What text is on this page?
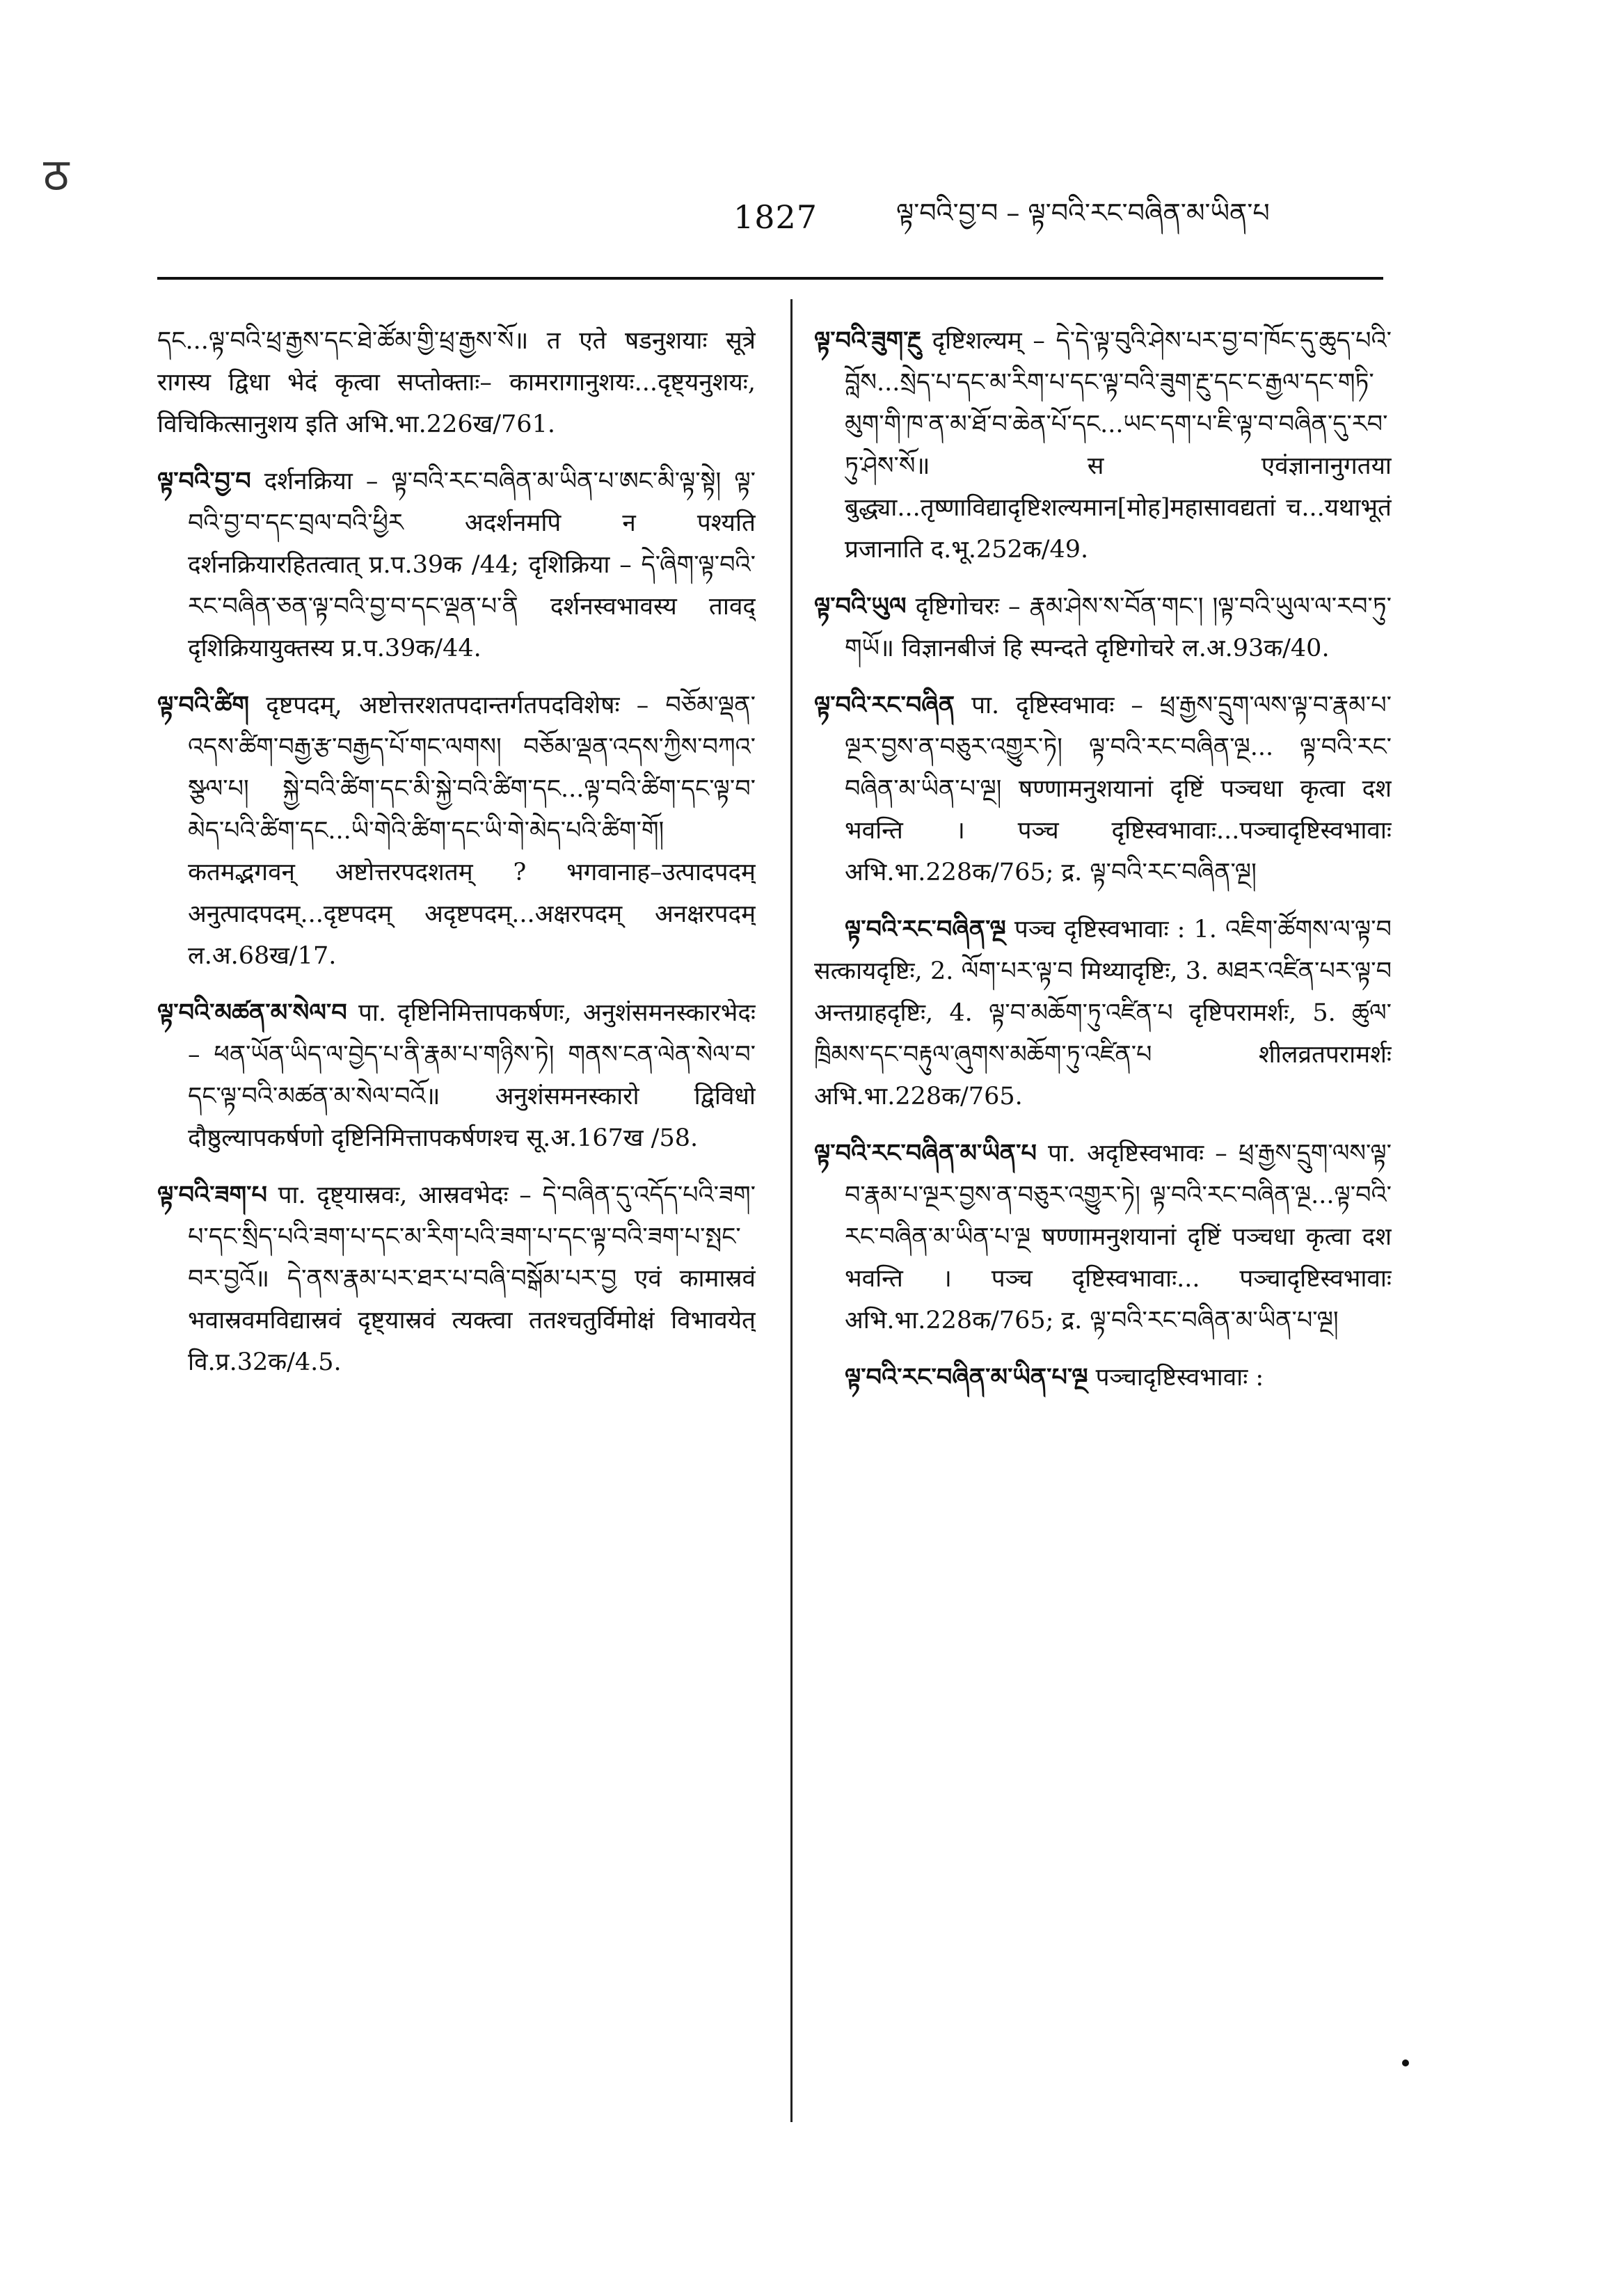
ठ
1827	ལྟ་བའི་བྱ་བ – ལྟ་བའི་རང་བཞིན་མ་ཡིན་པ

དང...ལྟ་བའི་ཕྲ་རྒྱས་དང་ཐེ་ཚོམ་གྱི་ཕྲ་རྒྱས་སོ॥ त एते षडनुशयाः सूत्रे रागस्य द्विधा भेदं कृत्वा सप्तोक्ताः– कामरागानुशयः...दृष्ट्यनुशयः, विचिकित्सानुशय इति अभि.भा.226ख/761.

ལྟ་བའི་བྱ་བ दर्शनक्रिया – ལྟ་བའི་རང་བཞིན་མ་ཡིན་པ་ཨང་མི་ལྟ་སྟེ། ལྟ་བའི་བྱ་བ་དང་བྲལ་བའི་ཕྱིར अदर्शनमपि न पश्यति दर्शनक्रियारहितत्वात् प्र.प.39क /44; दृशिक्रिया – དེ་ཞིག་ལྟ་བའི་རང་བཞིན་ཅན་ལྟ་བའི་བྱ་བ་དང་ལྡན་པ་ནི दर्शनस्वभावस्य तावद् दृशिक्रियायुक्तस्य प्र.प.39क/44.

ལྟ་བའི་ཚིག दृष्टपदम्, अष्टोत्तरशतपदान्तर्गतपदविशेषः – བཅོམ་ལྡན་འདས་ཚིག་བརྒྱ་རྩ་བརྒྱད་པོ་གང་ལགས། བཅོམ་ལྡན་འདས་ཀྱིས་བཀའ་སྩལ་པ། སྐྱེ་བའི་ཚིག་དང་མི་སྐྱེ་བའི་ཚིག་དང...ལྟ་བའི་ཚིག་དང་ལྟ་བ་མེད་པའི་ཚིག་དང...ཡི་གེའི་ཚིག་དང་ཡི་གེ་མེད་པའི་ཚིག་གོ། कतमद्भगवन् अष्टोत्तरपदशतम् ? भगवानाह–उत्पादपदम् अनुत्पादपदम्...दृष्टपदम् अदृष्टपदम्...अक्षरपदम् अनक्षरपदम् ल.अ.68ख/17.

ལྟ་བའི་མཚན་མ་སེལ་བ पा. दृष्टिनिमित्तापकर्षणः, अनुशंसमनस्कारभेदः – ཕན་ཡོན་ཡིད་ལ་བྱེད་པ་ནི་རྣམ་པ་གཉིས་ཏེ། གནས་ངན་ལེན་སེལ་བ་དང་ལྟ་བའི་མཚན་མ་སེལ་བའོ॥ अनुशंसमनस्कारो द्विविधो दौष्ठुल्यापकर्षणो दृष्टिनिमित्तापकर्षणश्च सू.अ.167ख /58.

ལྟ་བའི་ཟག་པ पा. दृष्ट्यास्रवः, आस्रवभेदः – དེ་བཞིན་དུ་འདོད་པའི་ཟག་པ་དང་སྲིད་པའི་ཟག་པ་དང་མ་རིག་པའི་ཟག་པ་དང་ལྟ་བའི་ཟག་པ་སྤང་བར་བྱའོ॥ དེ་ནས་རྣམ་པར་ཐར་པ་བཞི་བསྒོམ་པར་བྱ एवं कामास्रवं भवास्रवमविद्यास्रवं दृष्ट्यास्रवं त्यक्त्वा ततश्चतुर्विमोक्षं विभावयेत् वि.प्र.32क/4.5.

ལྟ་བའི་ཟུག་རྔུ दृष्टिशल्यम् – དེ་དེ་ལྟ་བུའི་ཤེས་པར་བྱ་བ་ཁོང་དུ་ཆུད་པའི་བློས...སྲེད་པ་དང་མ་རིག་པ་དང་ལྟ་བའི་ཟུག་རྔུ་དང་ང་རྒྱལ་དང་གཏི་མུག་གི་ཁ་ན་མ་ཐོ་བ་ཆེན་པོ་དང...ཡང་དག་པ་ཇི་ལྟ་བ་བཞིན་དུ་རབ་ཏུ་ཤེས་སོ॥ स एवंज्ञानानुगतया बुद्ध्या...तृष्णाविद्यादृष्टिशल्यमान[मोह]महासावद्यतां च...यथाभूतं प्रजानाति द.भू.252क/49.

ལྟ་བའི་ཡུལ दृष्टिगोचरः – རྣམ་ཤེས་ས་བོན་གང་། །ལྟ་བའི་ཡུལ་ལ་རབ་ཏུ་གཡོ॥ विज्ञानबीजं हि स्पन्दते दृष्टिगोचरे ल.अ.93क/40.

ལྟ་བའི་རང་བཞིན पा. दृष्टिस्वभावः – ཕྲ་རྒྱས་དྲུག་ལས་ལྟ་བ་རྣམ་པ་ལྔར་བྱས་ན་བཅུར་འགྱུར་ཏེ། ལྟ་བའི་རང་བཞིན་ལྔ... ལྟ་བའི་རང་བཞིན་མ་ཡིན་པ་ལྔ། षण्णामनुशयानां दृष्टिं पञ्चधा कृत्वा दश भवन्ति । पञ्च दृष्टिस्वभावाः...पञ्चादृष्टिस्वभावाः अभि.भा.228क/765; द्र. ལྟ་བའི་རང་བཞིན་ལྔ།

ལྟ་བའི་རང་བཞིན་ལྔ पञ्च दृष्टिस्वभावाः : 1. འཇིག་ཚོགས་ལ་ལྟ་བ सत्कायदृष्टिः, 2. ལོག་པར་ལྟ་བ मिथ्यादृष्टिः, 3. མཐར་འཛིན་པར་ལྟ་བ अन्तग्राहदृष्टिः, 4. ལྟ་བ་མཆོག་ཏུ་འཛིན་པ दृष्टिपरामर्शः, 5. ཚུལ་ཁྲིམས་དང་བརྟུལ་ཞུགས་མཆོག་ཏུ་འཛིན་པ शीलव्रतपरामर्शः अभि.भा.228क/765.

ལྟ་བའི་རང་བཞིན་མ་ཡིན་པ पा. अदृष्टिस्वभावः – ཕྲ་རྒྱས་དྲུག་ལས་ལྟ་བ་རྣམ་པ་ལྔར་བྱས་ན་བཅུར་འགྱུར་ཏེ། ལྟ་བའི་རང་བཞིན་ལྔ...ལྟ་བའི་རང་བཞིན་མ་ཡིན་པ་ལྔ षण्णामनुशयानां दृष्टिं पञ्चधा कृत्वा दश भवन्ति । पञ्च दृष्टिस्वभावाः... पञ्चादृष्टिस्वभावाः अभि.भा.228क/765; द्र. ལྟ་བའི་རང་བཞིན་མ་ཡིན་པ་ལྔ།

ལྟ་བའི་རང་བཞིན་མ་ཡིན་པ་ལྔ पञ्चादृष्टिस्वभावाः :
